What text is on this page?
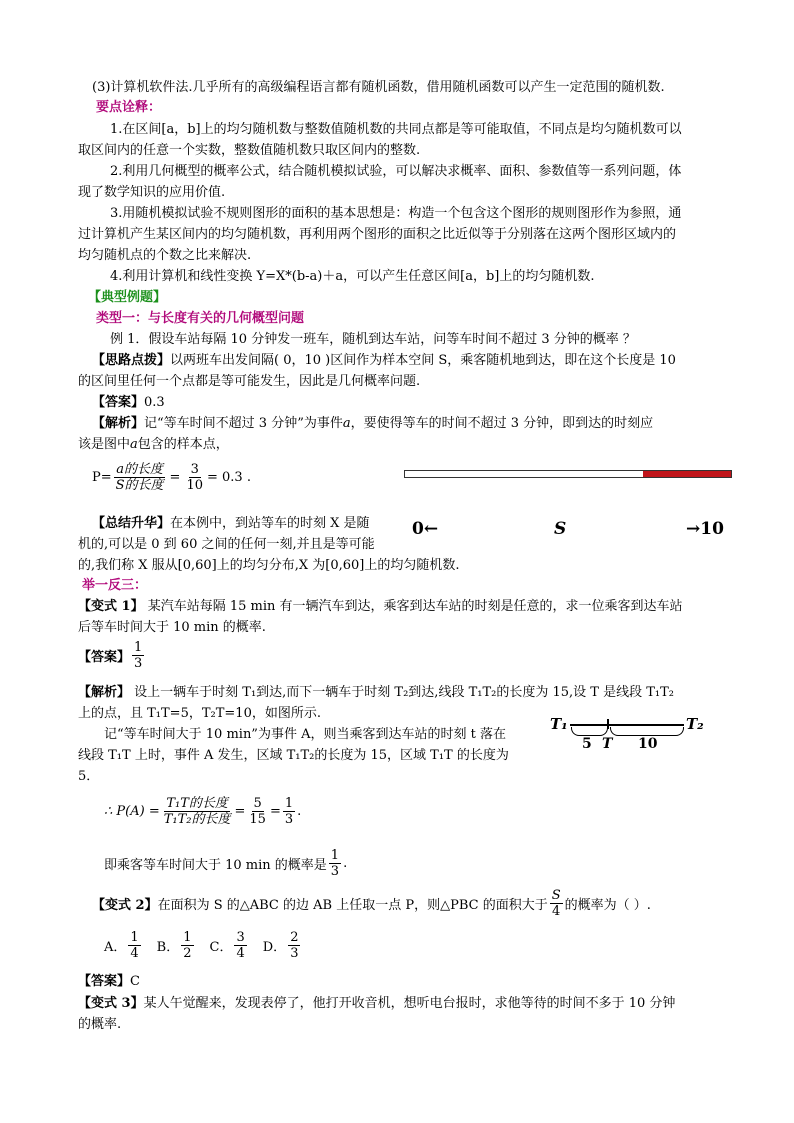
(3)计算机软件法.几乎所有的高级编程语言都有随机函数，借用随机函数可以产生一定范围的随机数.
要点诠释：
1.在区间[a，b]上的均匀随机数与整数值随机数的共同点都是等可能取值，不同点是均匀随机数可以
取区间内的任意一个实数，整数值随机数只取区间内的整数.
2.利用几何概型的概率公式，结合随机模拟试验，可以解决求概率、面积、参数值等一系列问题，体
现了数学知识的应用价值.
3.用随机模拟试验不规则图形的面积的基本思想是：构造一个包含这个图形的规则图形作为参照，通
过计算机产生某区间内的均匀随机数，再利用两个图形的面积之比近似等于分别落在这两个图形区域内的
均匀随机点的个数之比来解决.
4.利用计算机和线性变换 Y=X*(b-a)＋a，可以产生任意区间[a，b]上的均匀随机数.
【典型例题】
类型一：与长度有关的几何概型问题
例 1．假设车站每隔 10 分钟发一班车，随机到达车站，问等车时间不超过 3 分钟的概率 ？
【思路点拨】以两班车出发间隔( 0，10 )区间作为样本空间 S，乘客随机地到达，即在这个长度是 10
的区间里任何一个点都是等可能发生，因此是几何概率问题.
【答案】0.3
【解析】记“等车时间不超过 3 分钟”为事件a，要使得等车的时间不超过 3 分钟，即到达的时刻应
该是图中a包含的样本点，
$P= \frac{\text{a的长度}}{\text{S的长度}} = \frac{3}{10} = 0.3$ .
0←	S	→10
【总结升华】在本例中，到站等车的时刻 X 是随
机的,可以是 0 到 60 之间的任何一刻,并且是等可能
的,我们称 X 服从[0,60]上的均匀分布,X 为[0,60]上的均匀随机数.
举一反三：
【变式 1】 某汽车站每隔 15 min 有一辆汽车到达，乘客到达车站的时刻是任意的，求一位乘客到达车站
后等车时间大于 10 min 的概率.
【答案】 $\frac{1}{3}$
【解析】 设上一辆车于时刻 T₁到达,而下一辆车于时刻 T₂到达,线段 T₁T₂的长度为 15,设 T 是线段 T₁T₂
上的点，且 T₁T=5，T₂T=10，如图所示.
记“等车时间大于 10 min”为事件 A，则当乘客到达车站的时刻 t 落在
线段 T₁T 上时，事件 A 发生，区域 T₁T₂的长度为 15，区域 T₁T 的长度为
5．
T₁	T₂
5 T 10
∴ $P(A) = \frac{\text{T₁T的长度}}{\text{T₁T₂的长度}} = \frac{5}{15} = \frac{1}{3}$ .
即乘客等车时间大于 10 min 的概率是 $\frac{1}{3}$ .
【变式 2】 在面积为 S 的△ABC 的边 AB 上任取一点 P，则△PBC 的面积大于 $\frac{S}{4}$ 的概率为（ ）.
A． $\frac{1}{4}$ B． $\frac{1}{2}$ C． $\frac{3}{4}$ D． $\frac{2}{3}$
【答案】C
【变式 3】某人午觉醒来，发现表停了，他打开收音机，想听电台报时，求他等待的时间不多于 10 分钟
的概率.
